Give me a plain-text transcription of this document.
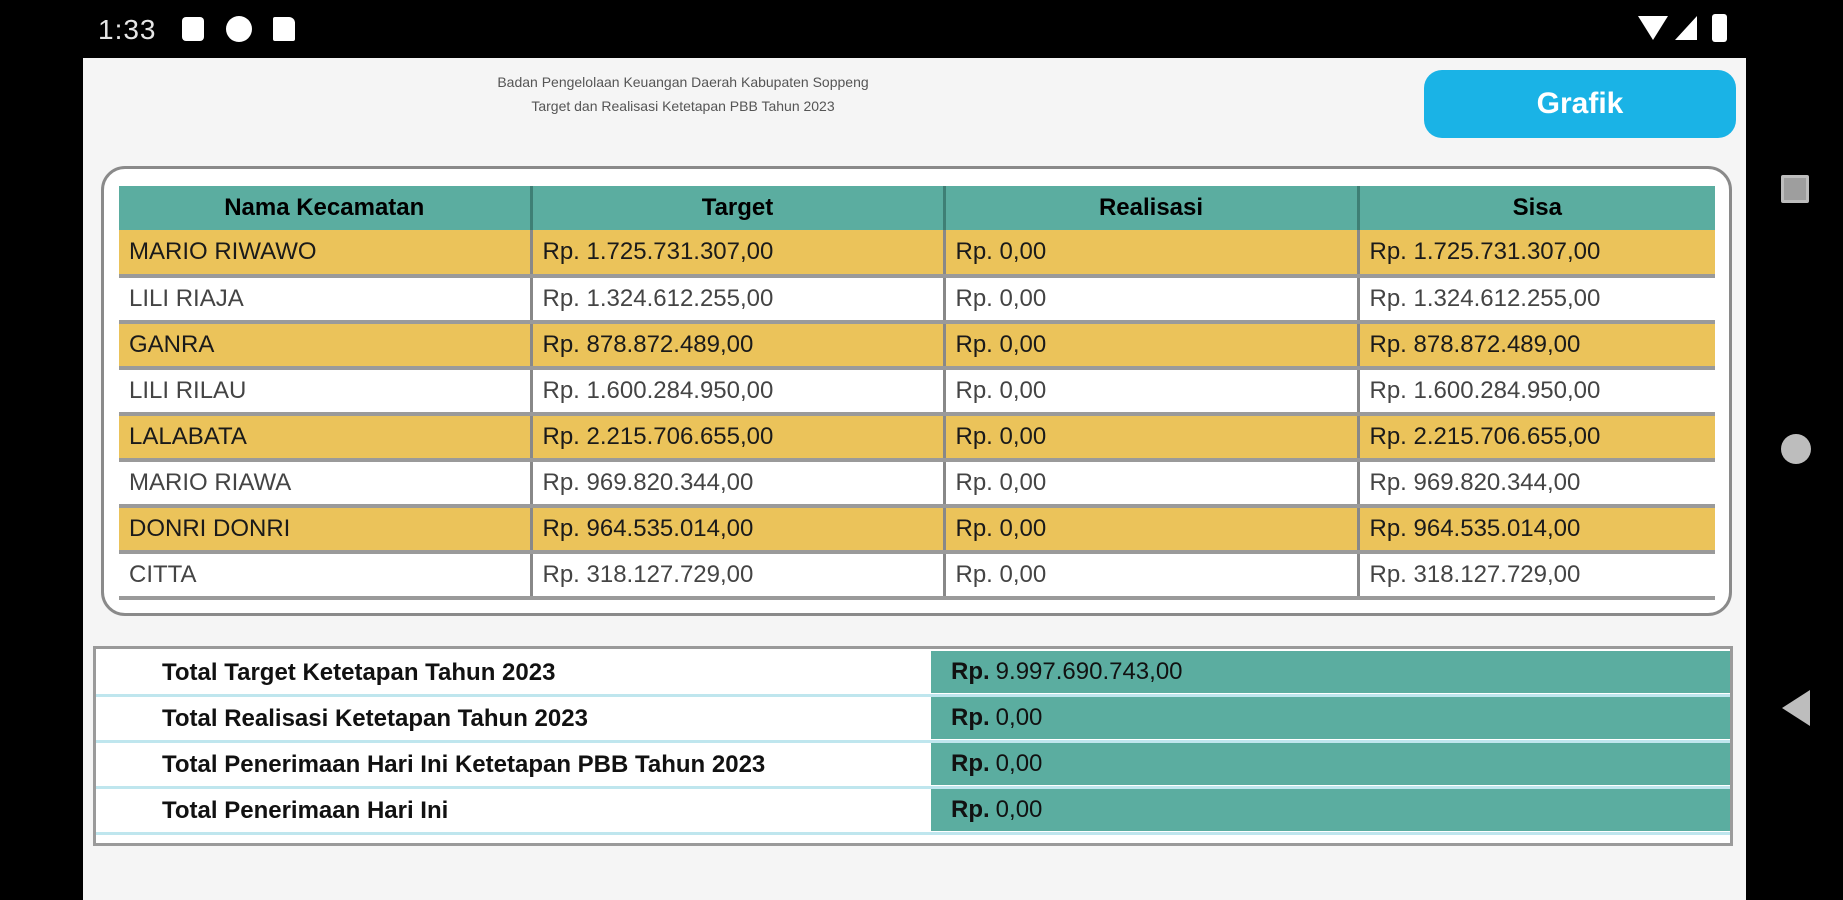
1:33
Badan Pengelolaan Keuangan Daerah Kabupaten Soppeng
Target dan Realisasi Ketetapan PBB Tahun 2023	Grafik
Nama Kecamatan	Target	Realisasi	Sisa
MARIO RIWAWO	Rp. 1.725.731.307,00	Rp. 0,00	Rp. 1.725.731.307,00
LILI RIAJA	Rp. 1.324.612.255,00	Rp. 0,00	Rp. 1.324.612.255,00
GANRA	Rp. 878.872.489,00	Rp. 0,00	Rp. 878.872.489,00
LILI RILAU	Rp. 1.600.284.950,00	Rp. 0,00	Rp. 1.600.284.950,00
LALABATA	Rp. 2.215.706.655,00	Rp. 0,00	Rp. 2.215.706.655,00
MARIO RIAWA	Rp. 969.820.344,00	Rp. 0,00	Rp. 969.820.344,00
DONRI DONRI	Rp. 964.535.014,00	Rp. 0,00	Rp. 964.535.014,00
CITTA	Rp. 318.127.729,00	Rp. 0,00	Rp. 318.127.729,00
Total Target Ketetapan Tahun 2023	Rp. 9.997.690.743,00
Total Realisasi Ketetapan Tahun 2023	Rp. 0,00
Total Penerimaan Hari Ini Ketetapan PBB Tahun 2023	Rp. 0,00
Total Penerimaan Hari Ini	Rp. 0,00
